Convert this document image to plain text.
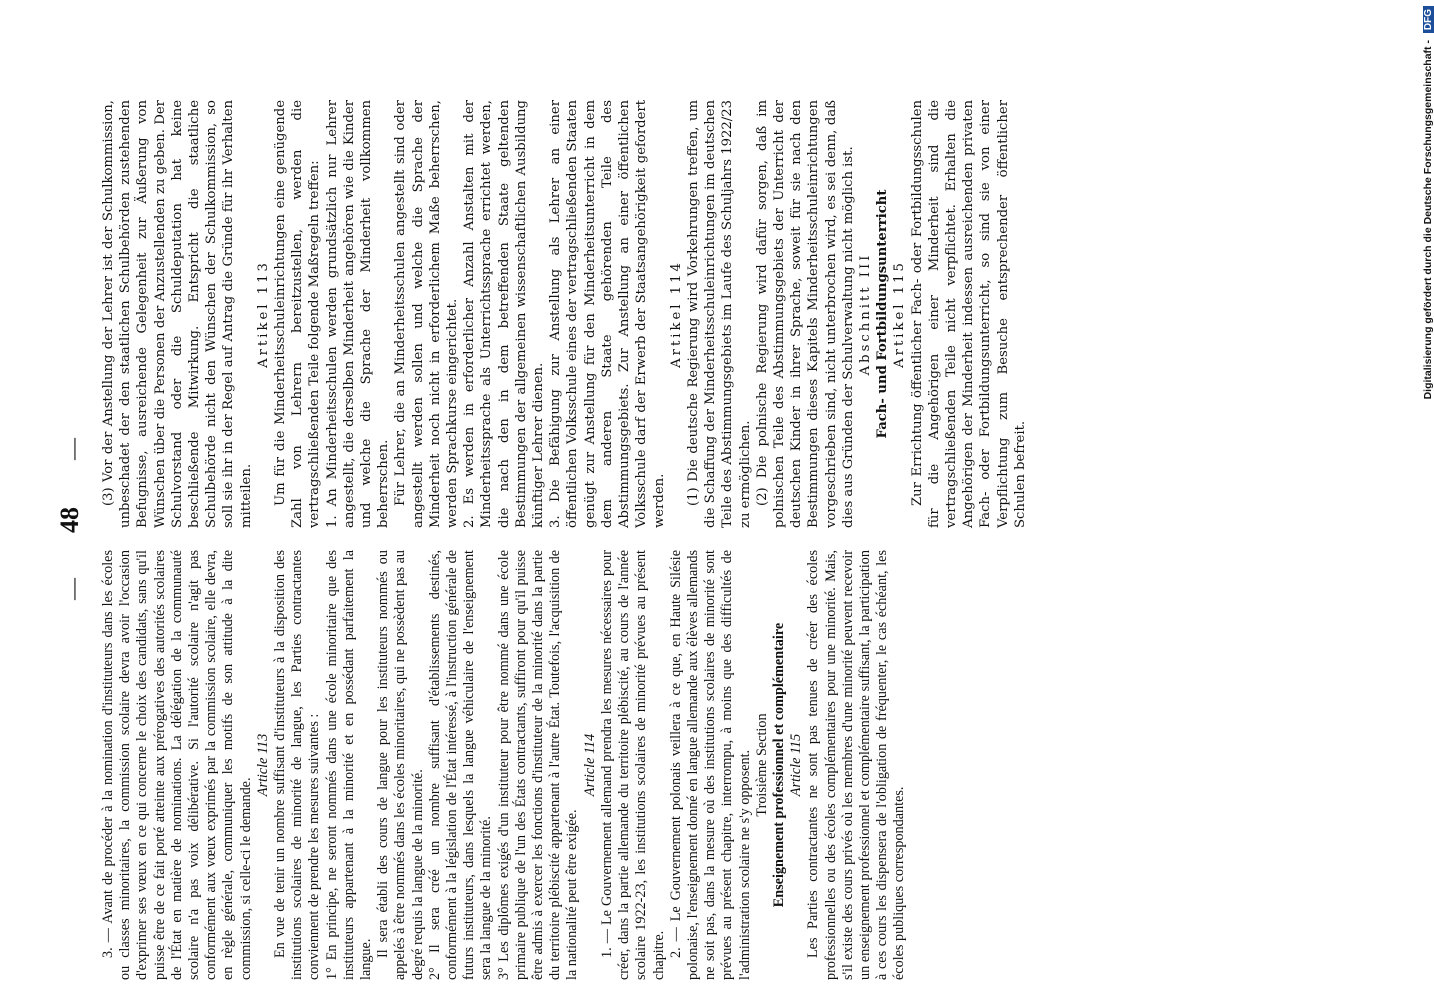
—
48
—

3. — Avant de procéder à la nomination d'instituteurs dans les écoles ou classes minoritaires, la commission scolaire devra avoir l'occasion d'exprimer ses vœux en ce qui concerne le choix des candidats, sans qu'il puisse être de ce fait porté atteinte aux prérogatives des autorités scolaires de l'État en matière de nominations. La délégation de la communauté scolaire n'a pas voix délibérative. Si l'autorité scolaire n'agit pas conformément aux vœux exprimés par la commission scolaire, elle devra, en règle générale, communiquer les motifs de son attitude à la dite commission, si celle-ci le demande.

Article 113 En vue de tenir un nombre suffisant d'instituteurs à la disposition des institutions scolaires de minorité de langue, les Parties contractantes conviennent de prendre les mesures suivantes : 1° En principe, ne seront nommés dans une école minoritaire que des instituteurs appartenant à la minorité et en possédant parfaitement la langue.

Il sera établi des cours de langue pour les instituteurs nommés ou appelés à être nommés dans les écoles minoritaires, qui ne possèdent pas au degré requis la langue de la minorité. 2° Il sera créé un nombre suffisant d'établissements destinés, conformément à la législation de l'État intéressé, à l'instruction générale de futurs instituteurs, dans lesquels la langue véhiculaire de l'enseignement sera la langue de la minorité. 3° Les diplômes exigés d'un instituteur pour être nommé dans une école primaire publique de l'un des États contractants, suffiront pour qu'il puisse être admis à exercer les fonctions d'instituteur de la minorité dans la partie du territoire plébiscité appartenant à l'autre État. Toutefois, l'acquisition de la nationalité peut être exigée.

Article 114 1. — Le Gouvernement allemand prendra les mesures nécessaires pour créer, dans la partie allemande du territoire plébiscité, au cours de l'année scolaire 1922-23, les institutions scolaires de minorité prévues au présent chapitre. 2. — Le Gouvernement polonais veillera à ce que, en Haute Silésie polonaise, l'enseignement donné en langue allemande aux élèves allemands ne soit pas, dans la mesure où des institutions scolaires de minorité sont prévues au présent chapitre, interrompu, à moins que des difficultés de l'administration scolaire ne s'y opposent. Troisième Section Enseignement professionnel et complémentaire Article 115 Les Parties contractantes ne sont pas tenues de créer des écoles professionnelles ou des écoles complémentaires pour une minorité. Mais, s'il existe des cours privés où les membres d'une minorité peuvent recevoir un enseignement professionnel et complémentaire suffisant, la participation à ces cours les dispensera de l'obligation de fréquenter, le cas échéant, les écoles publiques correspondantes.

(3) Vor der Anstellung der Lehrer ist der Schulkommission, unbeschadet der den staatlichen Schulbehörden zustehenden Befugnisse, ausreichende Gelegenheit zur Äußerung von Wünschen über die Personen der Anzustellenden zu geben. Der Schulvorstand oder die Schuldeputation hat keine beschließende Mitwirkung. Entspricht die staatliche Schulbehörde nicht den Wünschen der Schulkommission, so soll sie ihr in der Regel auf Antrag die Gründe für ihr Verhalten mitteilen.

Artikel 113 Um für die Minderheitsschuleinrichtungen eine genügende Zahl von Lehrern bereitzustellen, werden die vertragschließenden Teile folgende Maßregeln treffen: 1. An Minderheitsschulen werden grundsätzlich nur Lehrer angestellt, die derselben Minderheit angehören wie die Kinder und welche die Sprache der Minderheit vollkommen beherrschen. Für Lehrer, die an Minderheitsschulen angestellt sind oder angestellt werden sollen und welche die Sprache der Minderheit noch nicht in erforderlichem Maße beherrschen, werden Sprachkurse eingerichtet. 2. Es werden in erforderlicher Anzahl Anstalten mit der Minderheitssprache als Unterrichtssprache errichtet werden, die nach den in dem betreffenden Staate geltenden Bestimmungen der allgemeinen wissenschaftlichen Ausbildung künftiger Lehrer dienen. 3. Die Befähigung zur Anstellung als Lehrer an einer öffentlichen Volksschule eines der vertragschließenden Staaten genügt zur Anstellung für den Minderheitsunterricht in dem dem anderen Staate gehörenden Teile des Abstimmungsgebiets. Zur Anstellung an einer öffentlichen Volksschule darf der Erwerb der Staatsangehörigkeit gefordert werden.

Artikel 114 (1) Die deutsche Regierung wird Vorkehrungen treffen, um die Schaffung der Minderheitsschuleinrichtungen im deutschen Teile des Abstimmungsgebiets im Laufe des Schuljahrs 1922/23 zu ermöglichen. (2) Die polnische Regierung wird dafür sorgen, daß im polnischen Teile des Abstimmungsgebiets der Unterricht der deutschen Kinder in ihrer Sprache, soweit für sie nach den Bestimmungen dieses Kapitels Minderheitsschuleinrichtungen vorgeschrieben sind, nicht unterbrochen wird, es sei denn, daß dies aus Gründen der Schulverwaltung nicht möglich ist. Abschnitt III Fach- und Fortbildungsunterricht Artikel 115 Zur Errichtung öffentlicher Fach- oder Fortbildungsschulen für die Angehörigen einer Minderheit sind die vertragschließenden Teile nicht verpflichtet. Erhalten die Angehörigen der Minderheit indessen ausreichenden privaten Fach- oder Fortbildungsunterricht, so sind sie von einer Verpflichtung zum Besuche entsprechender öffentlicher Schulen befreit.

Digitalisierung gefördert durch die Deutsche Forschungsgemeinschaft - DFG
